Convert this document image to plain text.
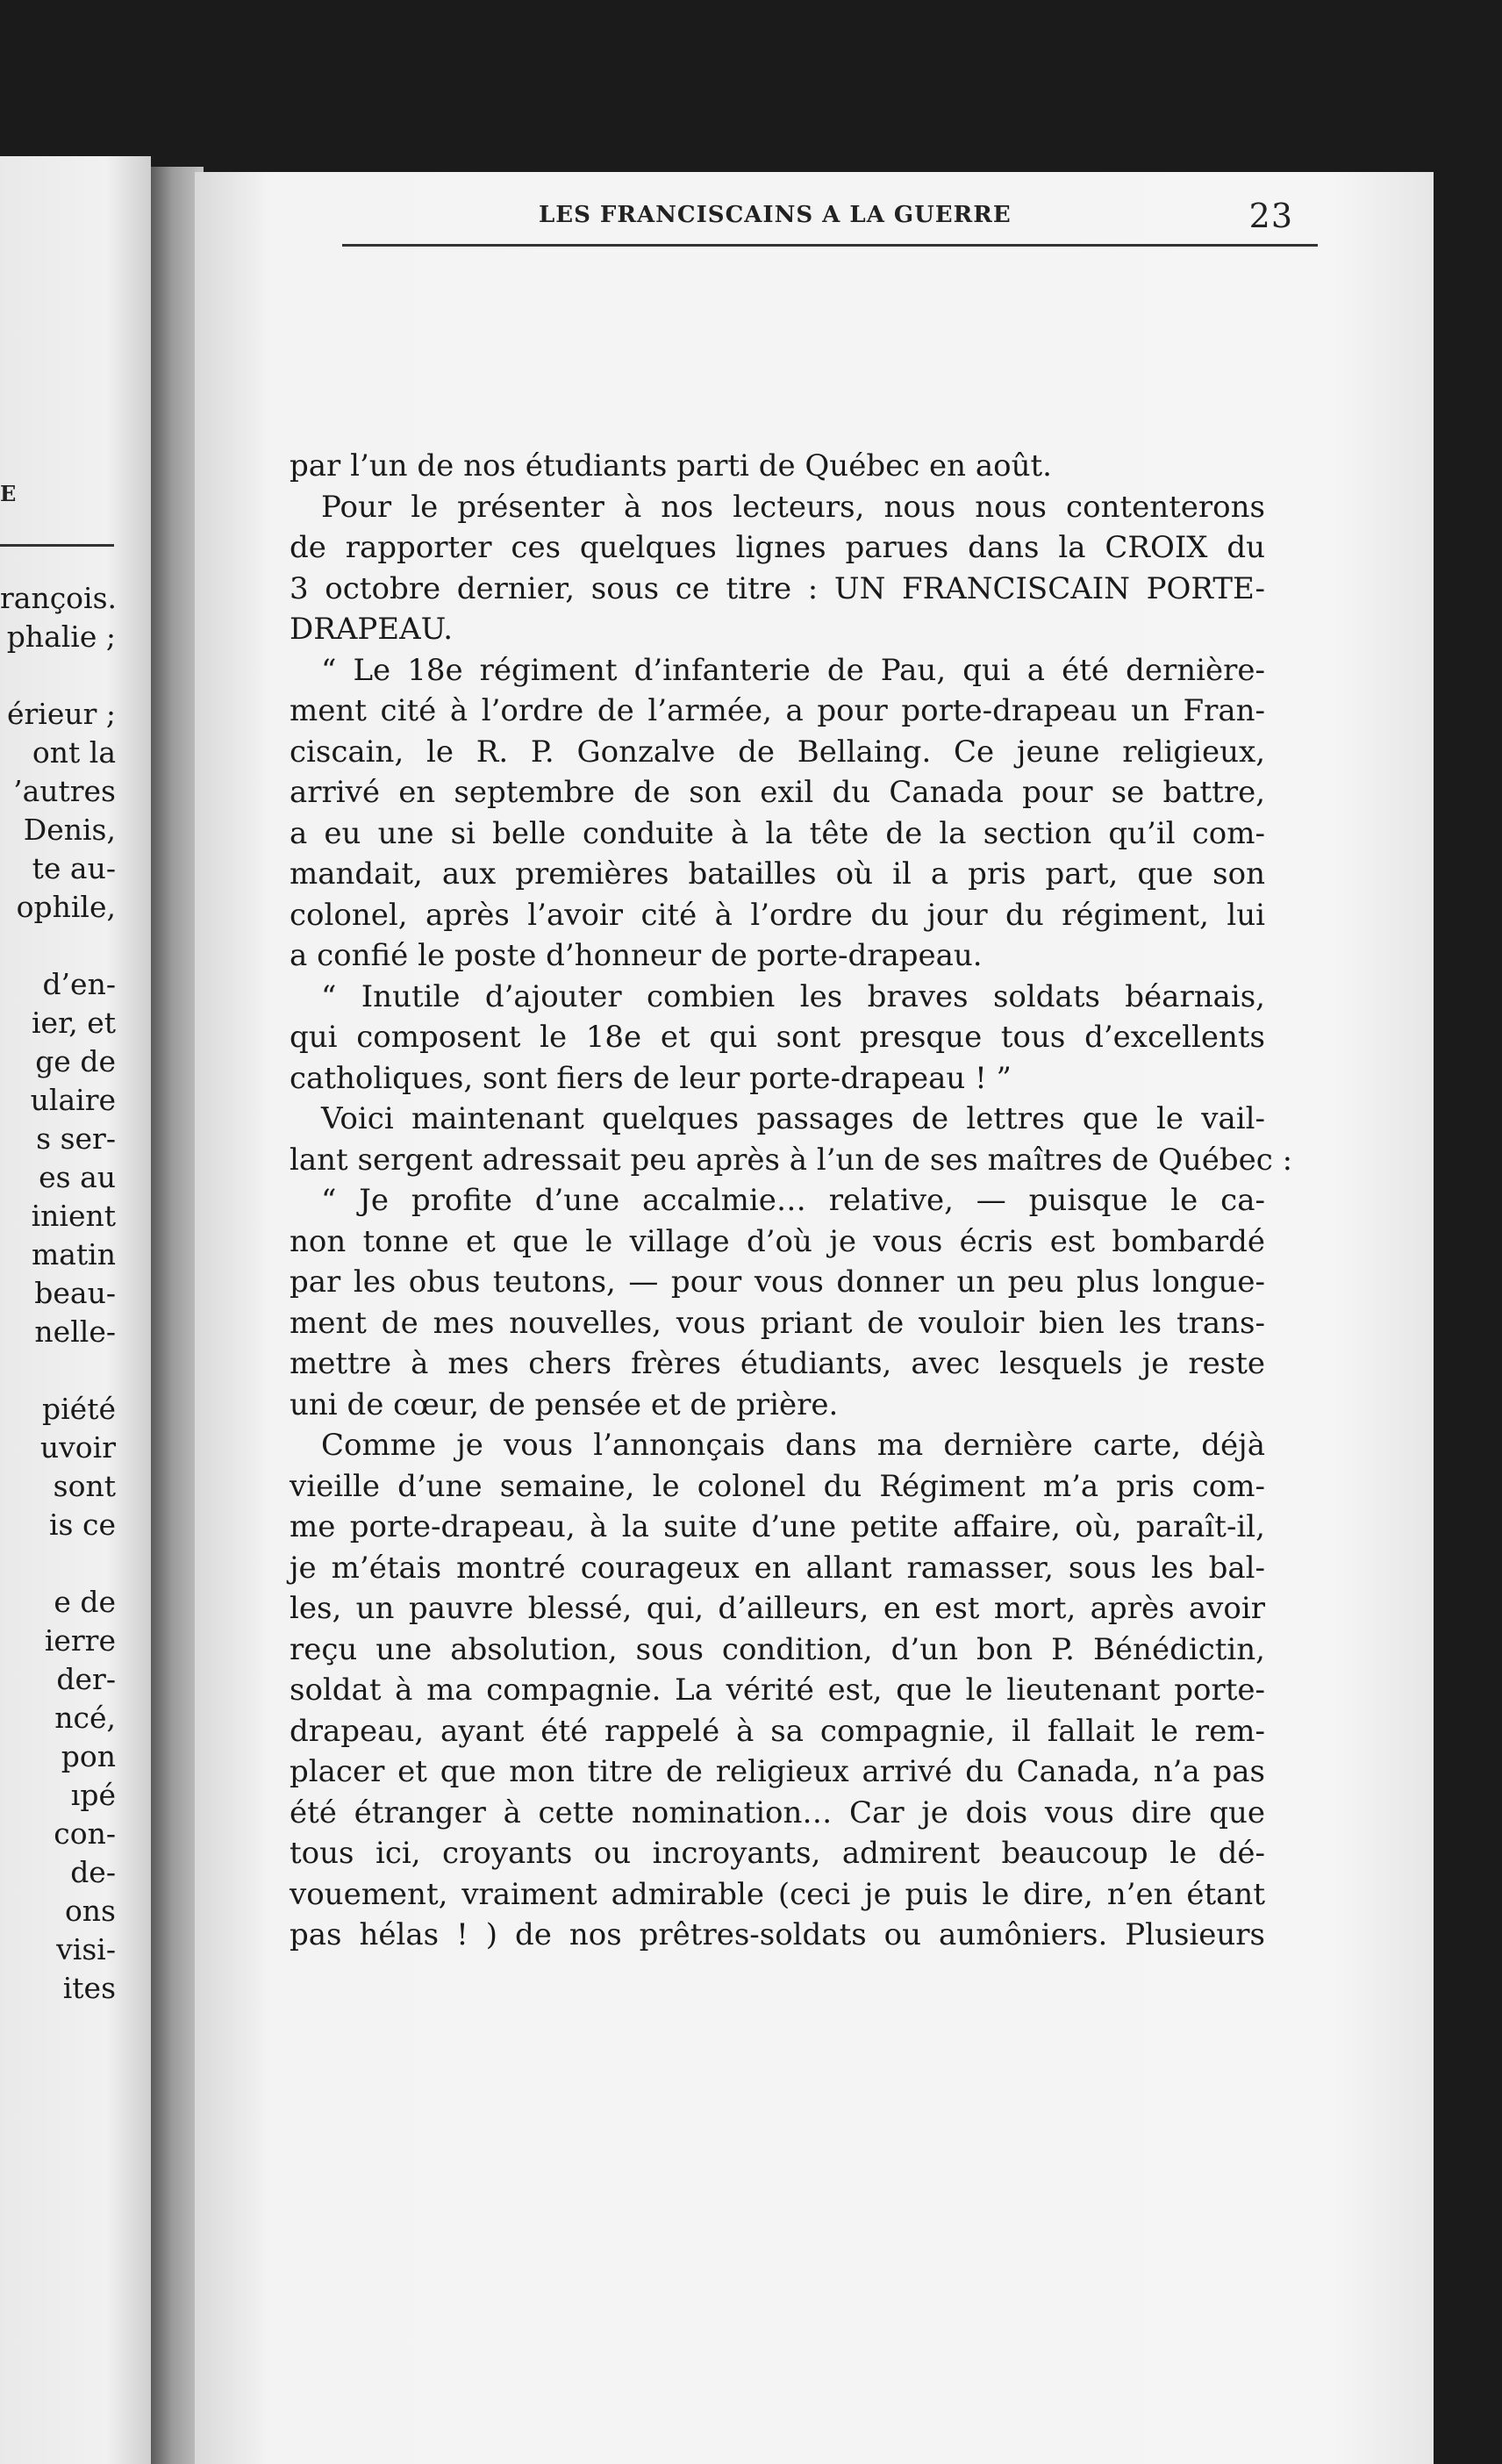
E
rançois.
phalie ;
érieur ;
ont la
’autres
Denis,
te au-
ophile,
d’en-
ier, et
ge de
ulaire
s ser-
es au
inient
matin
beau-
nelle-
piété
uvoir
sont
is ce
e de
ierre
der-
ncé,
pon
ıpé
con-
de-
ons
visi-
ites
LES FRANCISCAINS A LA GUERRE	23
par l’un de nos étudiants parti de Québec en août.
Pour le présenter à nos lecteurs, nous nous contenterons
de rapporter ces quelques lignes parues dans la CROIX du
3 octobre dernier, sous ce titre : UN FRANCISCAIN PORTE-
DRAPEAU.
“ Le 18e régiment d’infanterie de Pau, qui a été dernière-
ment cité à l’ordre de l’armée, a pour porte-drapeau un Fran-
ciscain, le R. P. Gonzalve de Bellaing. Ce jeune religieux,
arrivé en septembre de son exil du Canada pour se battre,
a eu une si belle conduite à la tête de la section qu’il com-
mandait, aux premières batailles où il a pris part, que son
colonel, après l’avoir cité à l’ordre du jour du régiment, lui
a confié le poste d’honneur de porte-drapeau.
“ Inutile d’ajouter combien les braves soldats béarnais,
qui composent le 18e et qui sont presque tous d’excellents
catholiques, sont fiers de leur porte-drapeau ! ”
Voici maintenant quelques passages de lettres que le vail-
lant sergent adressait peu après à l’un de ses maîtres de Québec :
“ Je profite d’une accalmie… relative, — puisque le ca-
non tonne et que le village d’où je vous écris est bombardé
par les obus teutons, — pour vous donner un peu plus longue-
ment de mes nouvelles, vous priant de vouloir bien les trans-
mettre à mes chers frères étudiants, avec lesquels je reste
uni de cœur, de pensée et de prière.
Comme je vous l’annonçais dans ma dernière carte, déjà
vieille d’une semaine, le colonel du Régiment m’a pris com-
me porte-drapeau, à la suite d’une petite affaire, où, paraît-il,
je m’étais montré courageux en allant ramasser, sous les bal-
les, un pauvre blessé, qui, d’ailleurs, en est mort, après avoir
reçu une absolution, sous condition, d’un bon P. Bénédictin,
soldat à ma compagnie. La vérité est, que le lieutenant porte-
drapeau, ayant été rappelé à sa compagnie, il fallait le rem-
placer et que mon titre de religieux arrivé du Canada, n’a pas
été étranger à cette nomination… Car je dois vous dire que
tous ici, croyants ou incroyants, admirent beaucoup le dé-
vouement, vraiment admirable (ceci je puis le dire, n’en étant
pas hélas ! ) de nos prêtres-soldats ou aumôniers. Plusieurs
